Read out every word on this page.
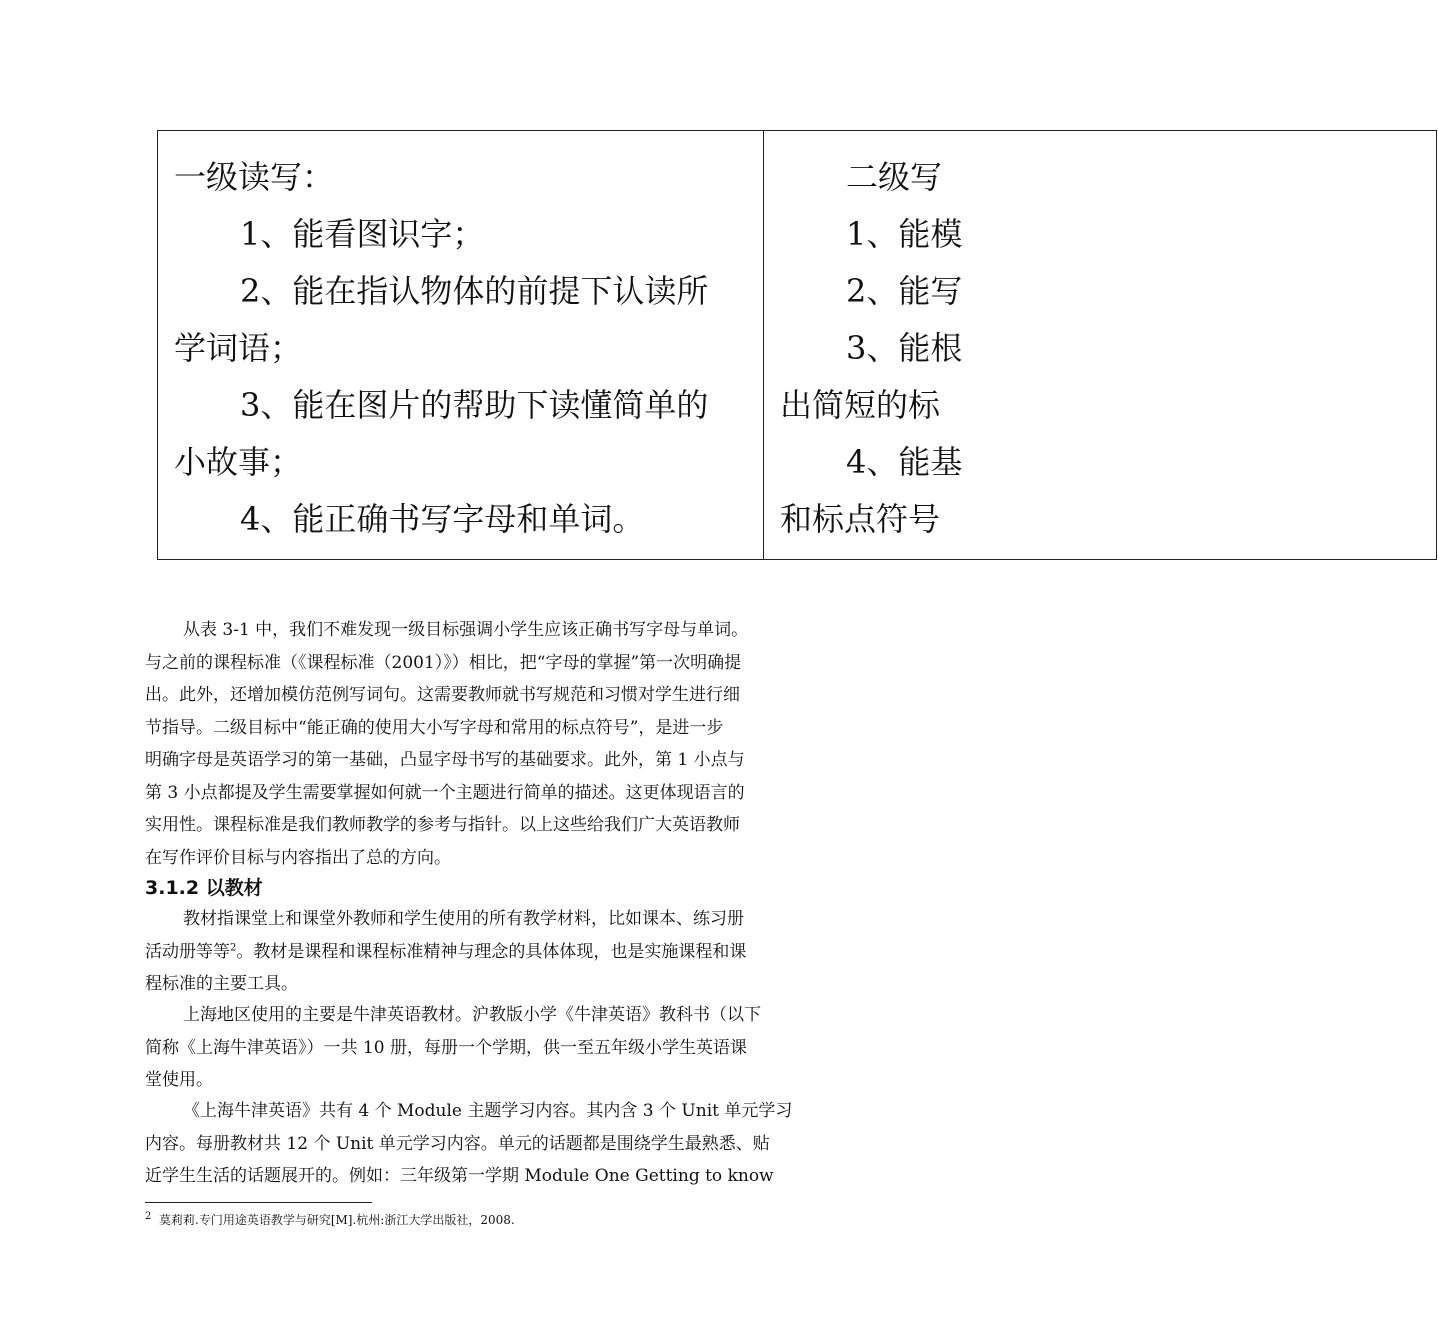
一级读写：

1、能看图识字；

2、能在指认物体的前提下认读所

学词语；

3、能在图片的帮助下读懂简单的

小故事；

4、能正确书写字母和单词。

二级写

1、能模

2、能写

3、能根

出简短的标

4、能基

和标点符号

从表 3-1 中，我们不难发现一级目标强调小学生应该正确书写字母与单词。
与之前的课程标准（《课程标准（2001）》）相比，把“字母的掌握”第一次明确提
出。此外，还增加模仿范例写词句。这需要教师就书写规范和习惯对学生进行细
节指导。二级目标中“能正确的使用大小写字母和常用的标点符号”，是进一步
明确字母是英语学习的第一基础，凸显字母书写的基础要求。此外，第 1 小点与
第 3 小点都提及学生需要掌握如何就一个主题进行简单的描述。这更体现语言的
实用性。课程标准是我们教师教学的参考与指针。以上这些给我们广大英语教师
在写作评价目标与内容指出了总的方向。
3.1.2 以教材
教材指课堂上和课堂外教师和学生使用的所有教学材料，比如课本、练习册
活动册等等$^2$。教材是课程和课程标准精神与理念的具体体现，也是实施课程和课
程标准的主要工具。
上海地区使用的主要是牛津英语教材。沪教版小学《牛津英语》教科书（以下
简称《上海牛津英语》）一共 10 册，每册一个学期，供一至五年级小学生英语课
堂使用。
《上海牛津英语》共有 4 个 Module 主题学习内容。其内含 3 个 Unit 单元学习
内容。每册教材共 12 个 Unit 单元学习内容。单元的话题都是围绕学生最熟悉、贴
近学生生活的话题展开的。例如：三年级第一学期 Module One Getting to know

$^2$ 莫莉莉.专门用途英语教学与研究[M].杭州:浙江大学出版社，2008.
